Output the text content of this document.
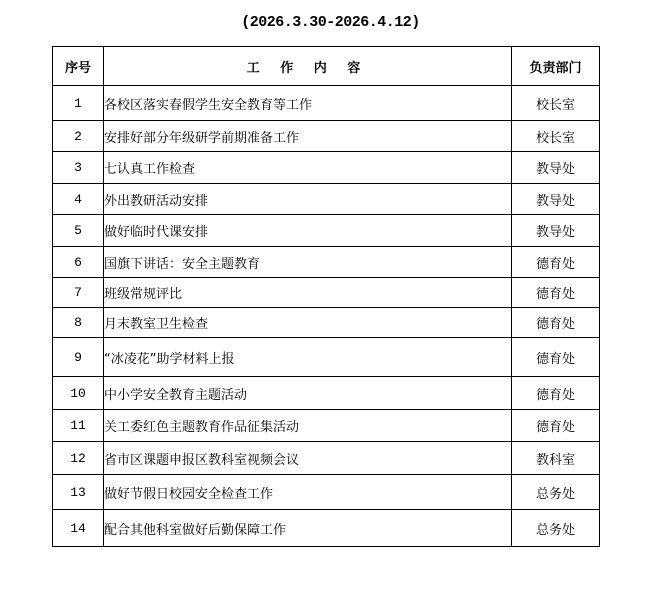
(2026.3.30-2026.4.12)
序号	工 作 内 容	负责部门
1	各校区落实春假学生安全教育等工作	校长室
2	安排好部分年级研学前期准备工作	校长室
3	七认真工作检查	教导处
4	外出教研活动安排	教导处
5	做好临时代课安排	教导处
6	国旗下讲话：安全主题教育	德育处
7	班级常规评比	德育处
8	月末教室卫生检查	德育处
9	“冰凌花”助学材料上报	德育处
10	中小学安全教育主题活动	德育处
11	关工委红色主题教育作品征集活动	德育处
12	省市区课题申报区教科室视频会议	教科室
13	做好节假日校园安全检查工作	总务处
14	配合其他科室做好后勤保障工作	总务处
